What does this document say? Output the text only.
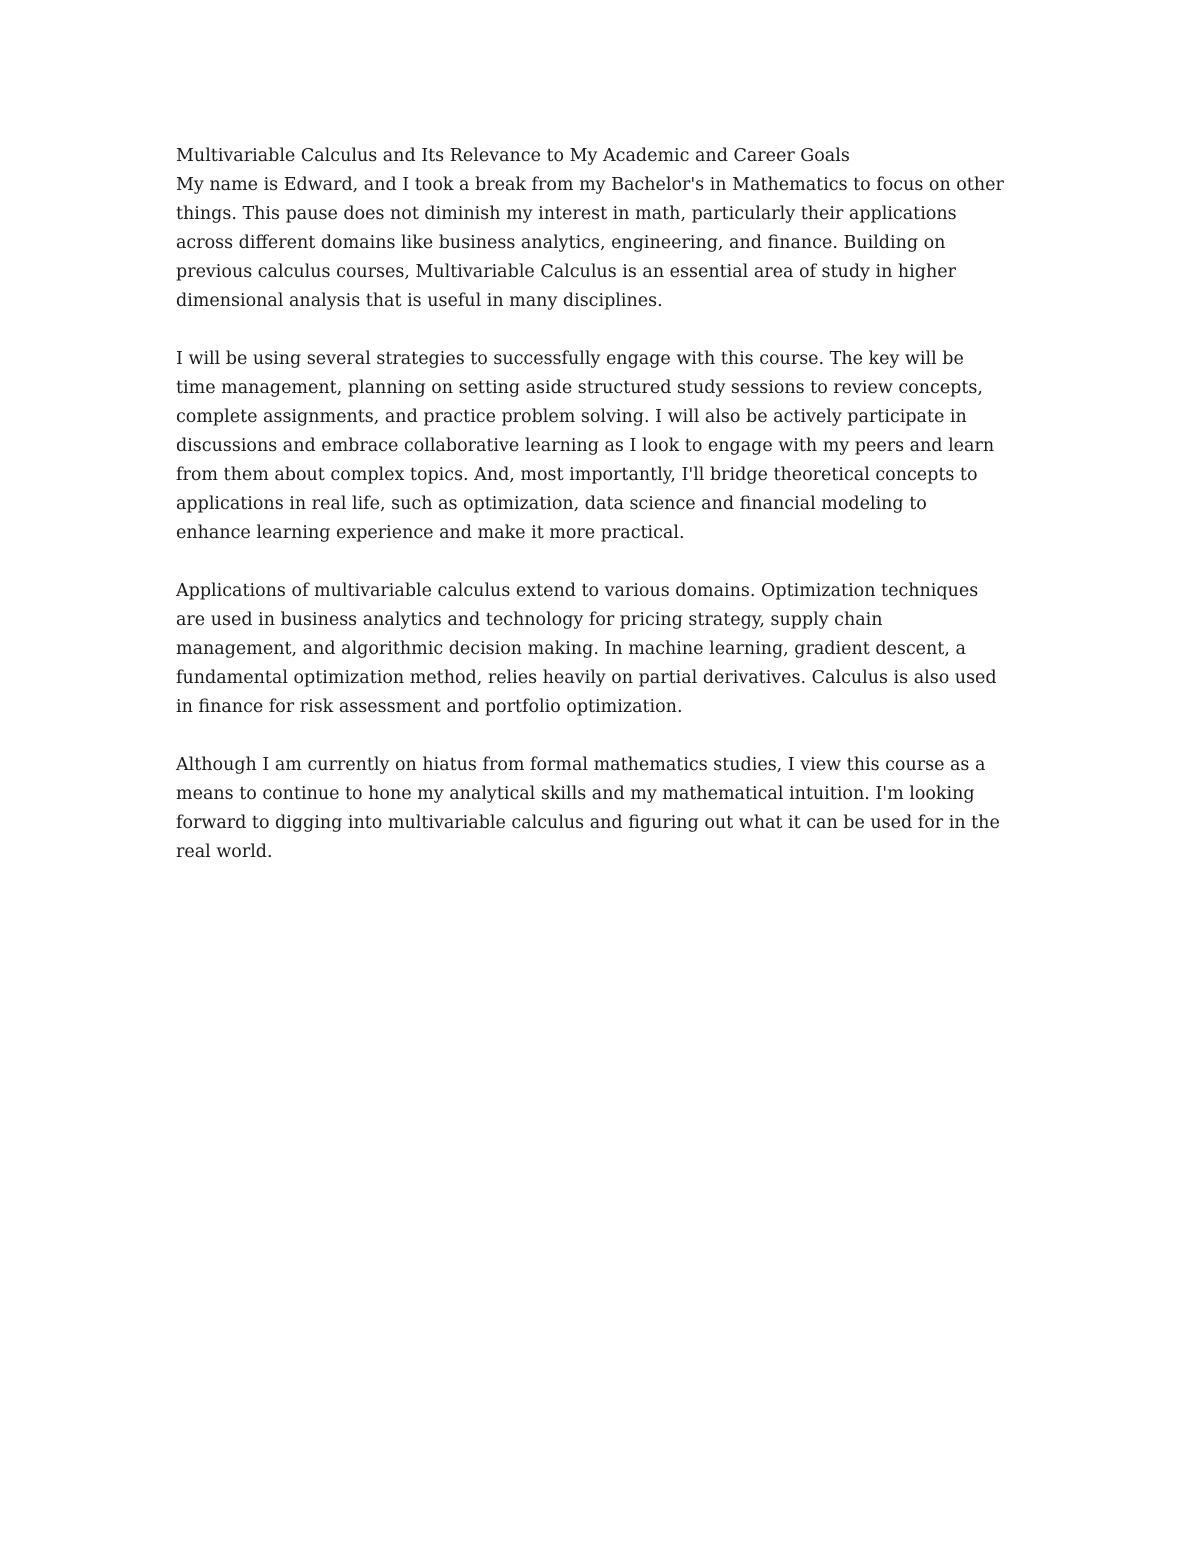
Multivariable Calculus and Its Relevance to My Academic and Career Goals
My name is Edward, and I took a break from my Bachelor's in Mathematics to focus on other
things. This pause does not diminish my interest in math, particularly their applications
across different domains like business analytics, engineering, and finance. Building on
previous calculus courses, Multivariable Calculus is an essential area of study in higher
dimensional analysis that is useful in many disciplines.
I will be using several strategies to successfully engage with this course. The key will be
time management, planning on setting aside structured study sessions to review concepts,
complete assignments, and practice problem solving. I will also be actively participate in
discussions and embrace collaborative learning as I look to engage with my peers and learn
from them about complex topics. And, most importantly, I'll bridge theoretical concepts to
applications in real life, such as optimization, data science and financial modeling to
enhance learning experience and make it more practical.
Applications of multivariable calculus extend to various domains. Optimization techniques
are used in business analytics and technology for pricing strategy, supply chain
management, and algorithmic decision making. In machine learning, gradient descent, a
fundamental optimization method, relies heavily on partial derivatives. Calculus is also used
in finance for risk assessment and portfolio optimization.
Although I am currently on hiatus from formal mathematics studies, I view this course as a
means to continue to hone my analytical skills and my mathematical intuition. I'm looking
forward to digging into multivariable calculus and figuring out what it can be used for in the
real world.
